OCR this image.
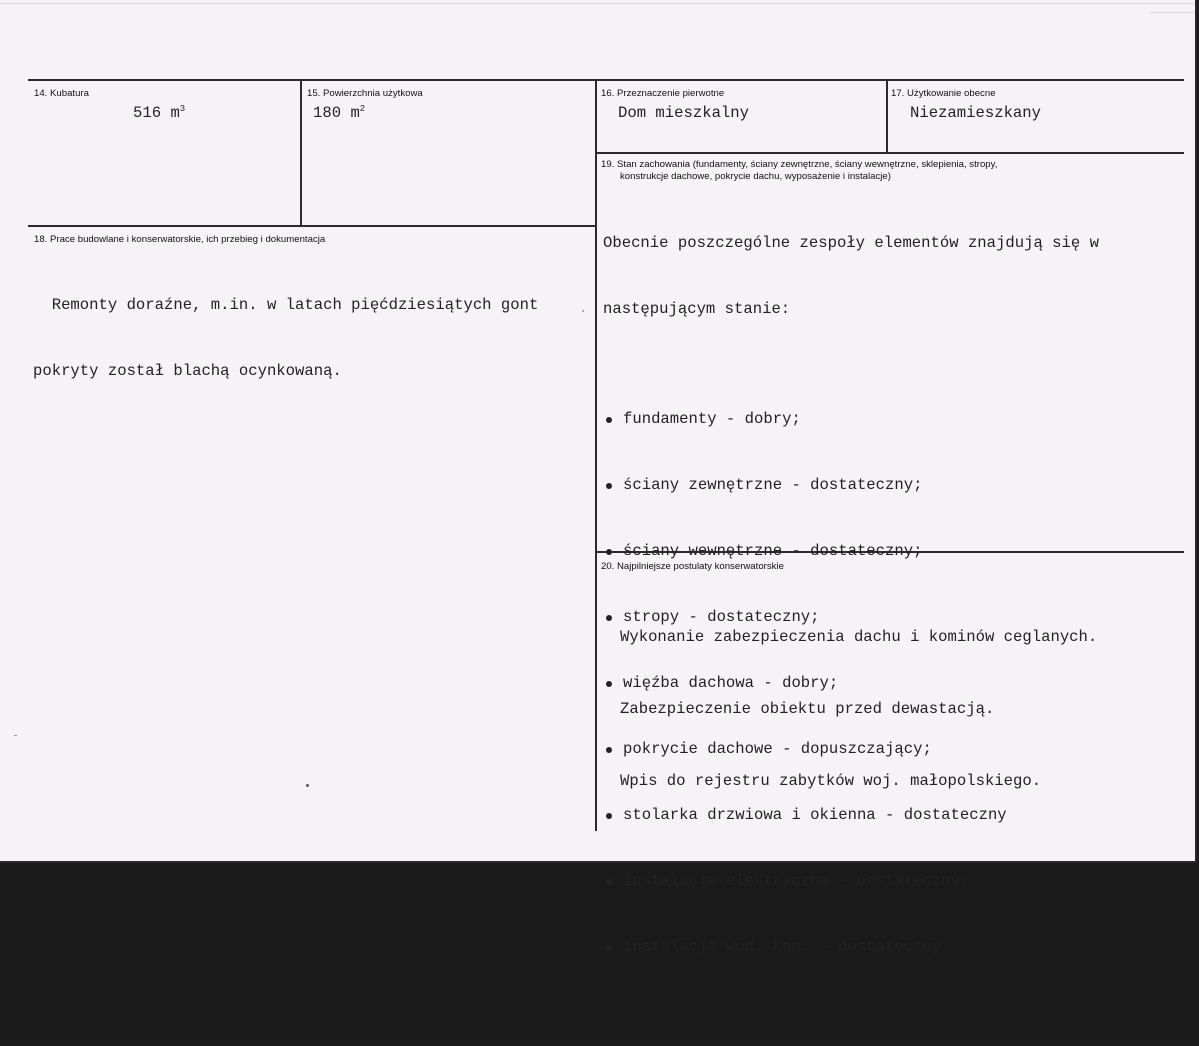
14. Kubatura

516 $m^3$

15. Powierzchnia użytkowa

180 $m^2$

16. Przeznaczenie pierwotne

Dom mieszkalny

17. Użytkowanie obecne

Niezamieszkany

18. Prace budowlane i konserwatorskie, ich przebieg i dokumentacja

Remonty doraźne, m.in. w latach pięćdziesiątych gont

pokryty został blachą ocynkowaną.

19. Stan zachowania (fundamenty, ściany zewnętrzne, ściany wewnętrzne, sklepienia, stropy,

konstrukcje dachowe, pokrycie dachu, wyposażenie i instalacje)

Obecnie poszczególne zespoły elementów znajdują się w

następującym stanie:

fundamenty - dobry;

ściany zewnętrzne - dostateczny;

ściany wewnętrzne - dostateczny;

stropy - dostateczny;

więźba dachowa - dobry;

pokrycie dachowe - dopuszczający;

stolarka drzwiowa i okienna - dostateczny

instalacja elektryczna - dostateczny;

instalacja wod.-kan. - dostateczny

20. Najpilniejsze postulaty konserwatorskie

Wykonanie zabezpieczenia dachu i kominów ceglanych.

Zabezpieczenie obiektu przed dewastacją.

Wpis do rejestru zabytków woj. małopolskiego.
